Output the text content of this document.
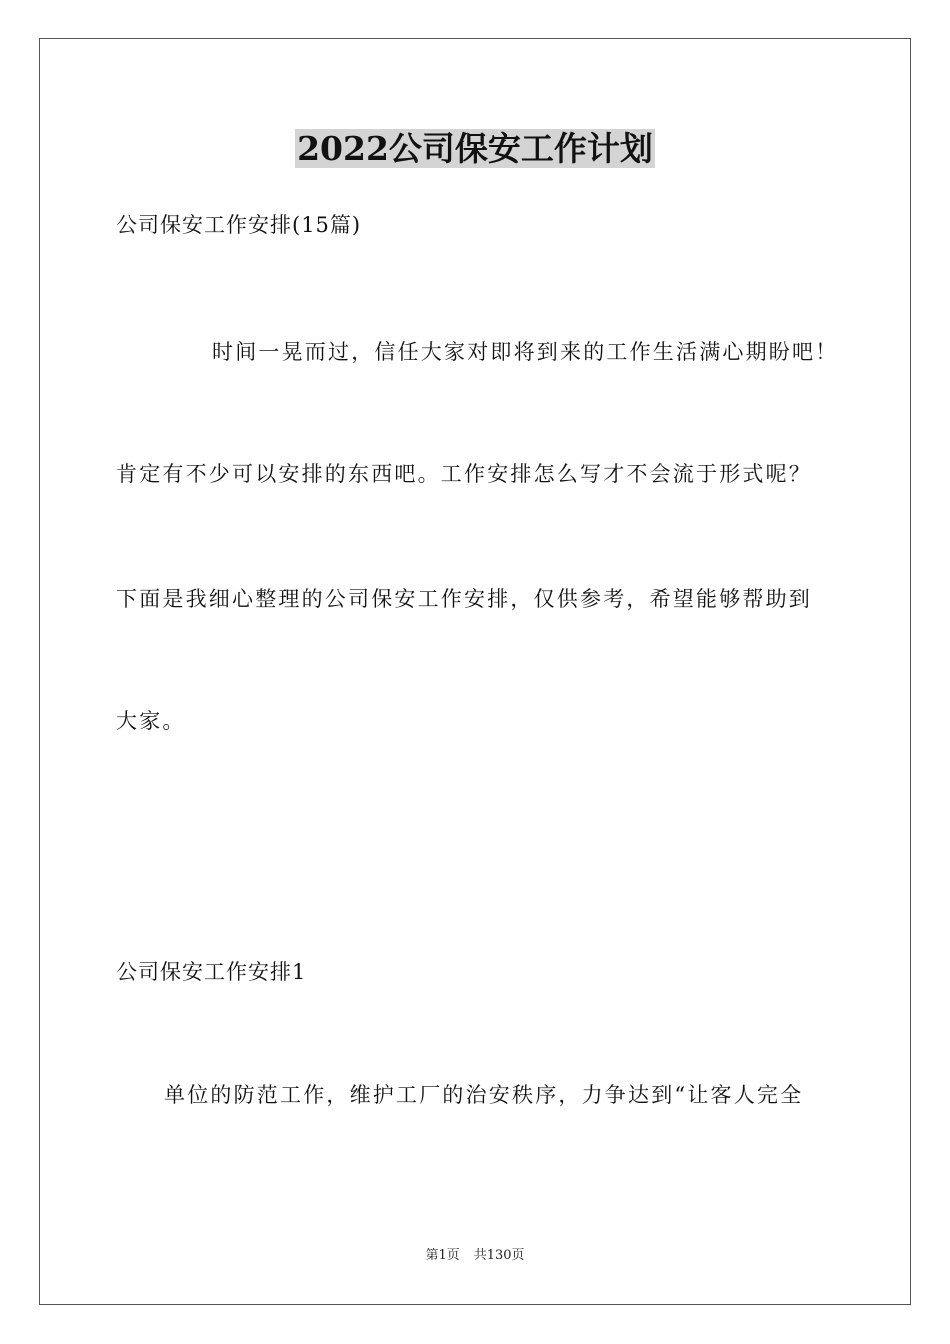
2022公司保安工作计划
公司保安工作安排(15篇)
时间一晃而过，信任大家对即将到来的工作生活满心期盼吧！
肯定有不少可以安排的东西吧。工作安排怎么写才不会流于形式呢？
下面是我细心整理的公司保安工作安排，仅供参考，希望能够帮助到
大家。
公司保安工作安排1
单位的防范工作，维护工厂的治安秩序，力争达到“让客人完全
第1页 共130页
